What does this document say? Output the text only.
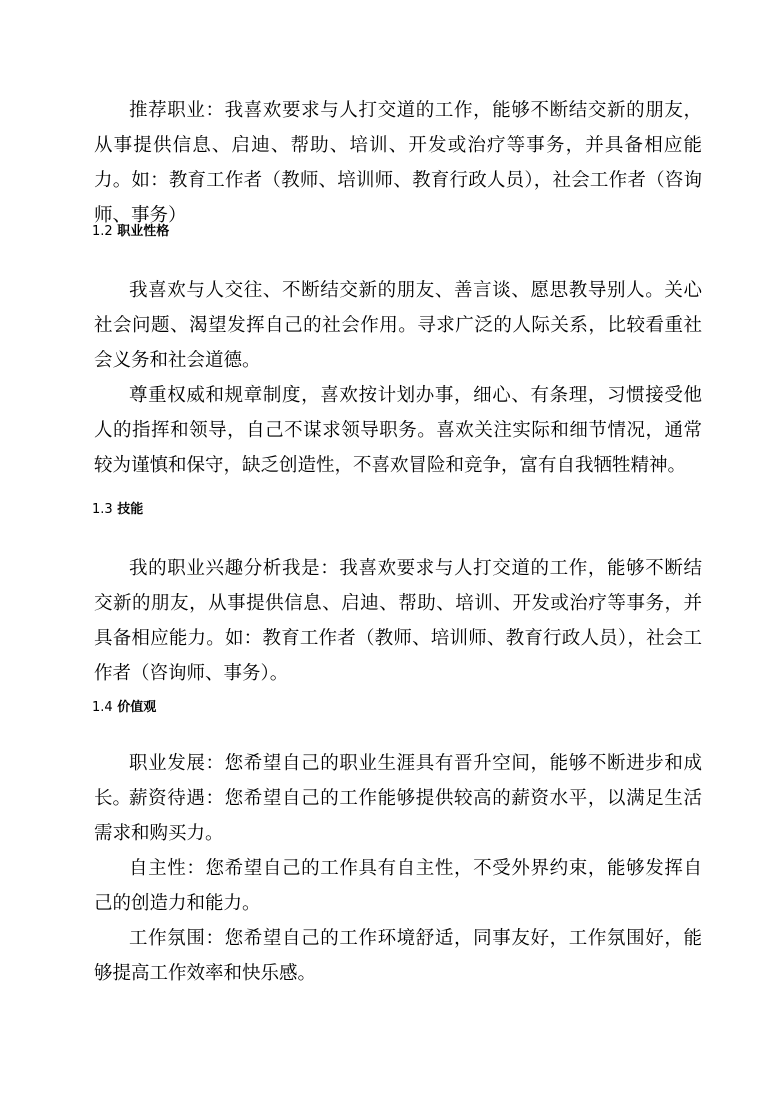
推荐职业：我喜欢要求与人打交道的工作，能够不断结交新的朋友，从事提供信息、启迪、帮助、培训、开发或治疗等事务，并具备相应能力。如：教育工作者（教师、培训师、教育行政人员），社会工作者（咨询师、事务）

1.2 职业性格

我喜欢与人交往、不断结交新的朋友、善言谈、愿思教导别人。关心社会问题、渴望发挥自己的社会作用。寻求广泛的人际关系，比较看重社会义务和社会道德。

尊重权威和规章制度，喜欢按计划办事，细心、有条理，习惯接受他人的指挥和领导，自己不谋求领导职务。喜欢关注实际和细节情况，通常较为谨慎和保守，缺乏创造性，不喜欢冒险和竞争，富有自我牺牲精神。

1.3 技能

我的职业兴趣分析我是：我喜欢要求与人打交道的工作，能够不断结交新的朋友，从事提供信息、启迪、帮助、培训、开发或治疗等事务，并具备相应能力。如：教育工作者（教师、培训师、教育行政人员），社会工作者（咨询师、事务）。

1.4 价值观

职业发展：您希望自己的职业生涯具有晋升空间，能够不断进步和成长。

薪资待遇：您希望自己的工作能够提供较高的薪资水平，以满足生活需求和购买力。

自主性：您希望自己的工作具有自主性，不受外界约束，能够发挥自己的创造力和能力。

工作氛围：您希望自己的工作环境舒适，同事友好，工作氛围好，能够提高工作效率和快乐感。
